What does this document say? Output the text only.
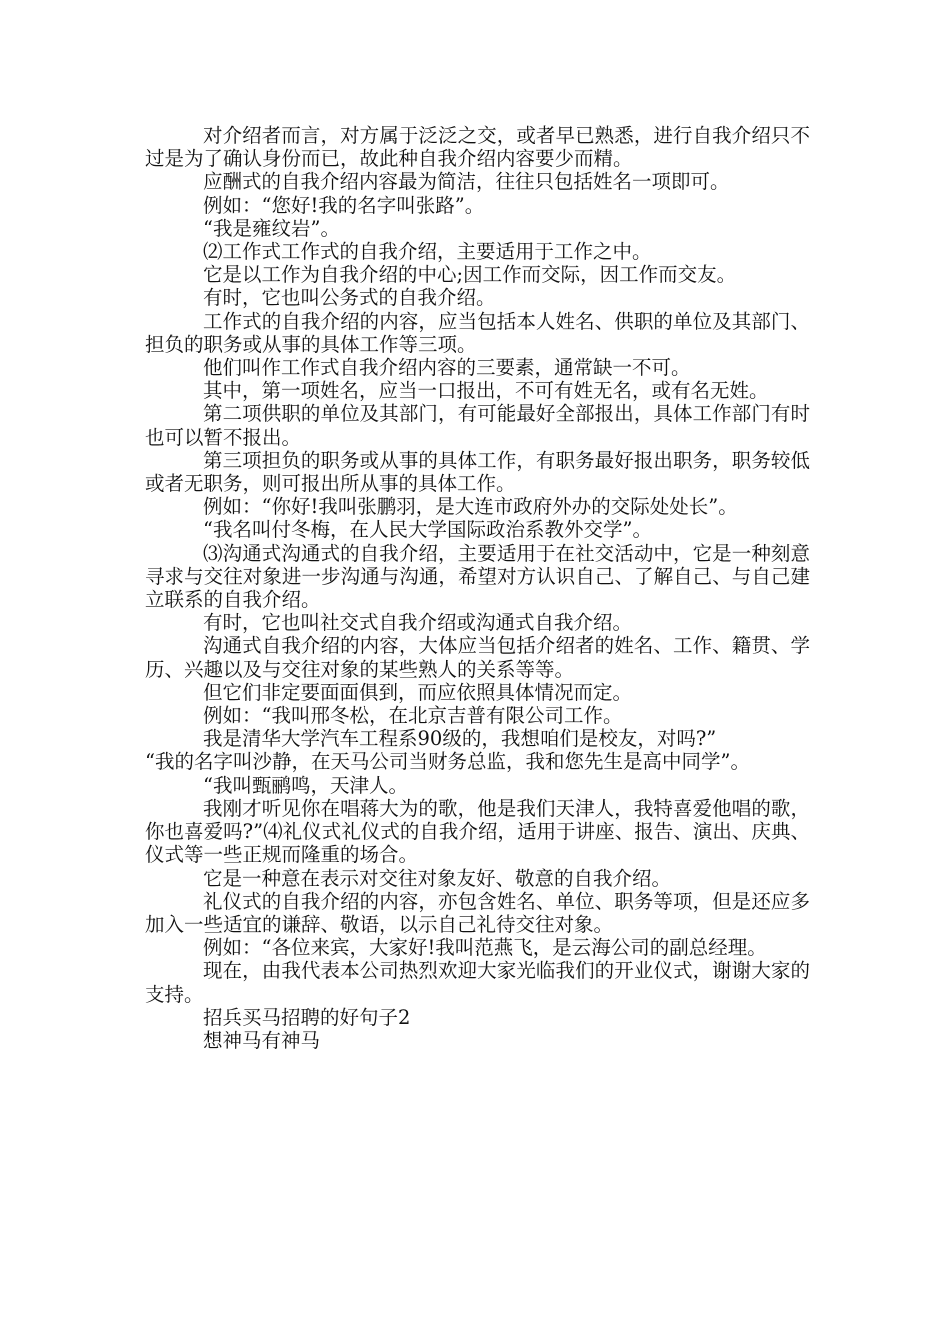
对介绍者而言，对方属于泛泛之交，或者早已熟悉，进行自我介绍只不过是为了确认身份而已，故此种自我介绍内容要少而精。

应酬式的自我介绍内容最为简洁，往往只包括姓名一项即可。

例如：“您好!我的名字叫张路”。

“我是雍纹岩”。

⑵工作式工作式的自我介绍，主要适用于工作之中。

它是以工作为自我介绍的中心;因工作而交际，因工作而交友。

有时，它也叫公务式的自我介绍。

工作式的自我介绍的内容，应当包括本人姓名、供职的单位及其部门、担负的职务或从事的具体工作等三项。

他们叫作工作式自我介绍内容的三要素，通常缺一不可。

其中，第一项姓名，应当一口报出，不可有姓无名，或有名无姓。

第二项供职的单位及其部门，有可能最好全部报出，具体工作部门有时也可以暂不报出。

第三项担负的职务或从事的具体工作，有职务最好报出职务，职务较低或者无职务，则可报出所从事的具体工作。

例如：“你好!我叫张鹏羽，是大连市政府外办的交际处处长”。

“我名叫付冬梅，在人民大学国际政治系教外交学”。

⑶沟通式沟通式的自我介绍，主要适用于在社交活动中，它是一种刻意寻求与交往对象进一步沟通与沟通，希望对方认识自己、了解自己、与自己建立联系的自我介绍。

有时，它也叫社交式自我介绍或沟通式自我介绍。

沟通式自我介绍的内容，大体应当包括介绍者的姓名、工作、籍贯、学历、兴趣以及与交往对象的某些熟人的关系等等。

但它们非定要面面俱到，而应依照具体情况而定。

例如：“我叫邢冬松，在北京吉普有限公司工作。

我是清华大学汽车工程系90级的，我想咱们是校友，对吗?”

“我的名字叫沙静，在天马公司当财务总监，我和您先生是高中同学”。

“我叫甄鹂鸣，天津人。

我刚才听见你在唱蒋大为的歌，他是我们天津人，我特喜爱他唱的歌，你也喜爱吗?”⑷礼仪式礼仪式的自我介绍，适用于讲座、报告、演出、庆典、仪式等一些正规而隆重的场合。

它是一种意在表示对交往对象友好、敬意的自我介绍。

礼仪式的自我介绍的内容，亦包含姓名、单位、职务等项，但是还应多加入一些适宜的谦辞、敬语，以示自己礼待交往对象。

例如：“各位来宾，大家好!我叫范燕飞，是云海公司的副总经理。

现在，由我代表本公司热烈欢迎大家光临我们的开业仪式，谢谢大家的支持。

招兵买马招聘的好句子2

想神马有神马
